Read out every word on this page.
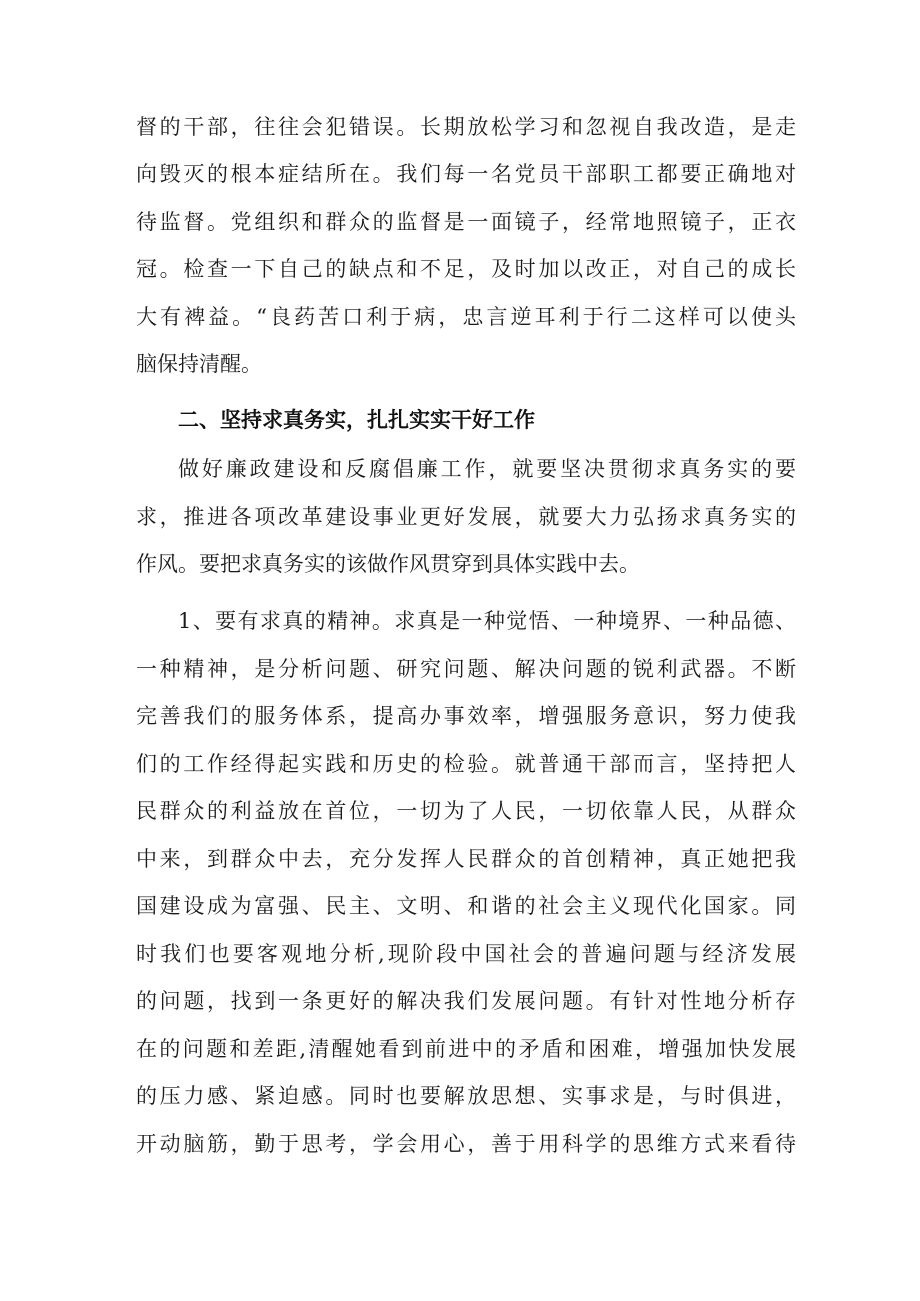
督的干部，往往会犯错误。长期放松学习和忽视自我改造，是走
向毁灭的根本症结所在。我们每一名党员干部职工都要正确地对
待监督。党组织和群众的监督是一面镜子，经常地照镜子，正衣
冠。检查一下自己的缺点和不足，及时加以改正，对自己的成长
大有裨益。“良药苦口利于病，忠言逆耳利于行二这样可以使头
脑保持清醒。
二、坚持求真务实，扎扎实实干好工作
做好廉政建设和反腐倡廉工作，就要坚决贯彻求真务实的要
求，推进各项改革建设事业更好发展，就要大力弘扬求真务实的
作风。要把求真务实的该做作风贯穿到具体实践中去。
1、要有求真的精神。求真是一种觉悟、一种境界、一种品德、
一种精神，是分析问题、研究问题、解决问题的锐利武器。不断
完善我们的服务体系，提高办事效率，增强服务意识，努力使我
们的工作经得起实践和历史的检验。就普通干部而言，坚持把人
民群众的利益放在首位，一切为了人民，一切依靠人民，从群众
中来，到群众中去，充分发挥人民群众的首创精神，真正她把我
国建设成为富强、民主、文明、和谐的社会主义现代化国家。同
时我们也要客观地分析,现阶段中国社会的普遍问题与经济发展
的问题，找到一条更好的解决我们发展问题。有针对性地分析存
在的问题和差距,清醒她看到前进中的矛盾和困难，增强加快发展
的压力感、紧迫感。同时也要解放思想、实事求是，与时俱进，
开动脑筋，勤于思考，学会用心，善于用科学的思维方式来看待
